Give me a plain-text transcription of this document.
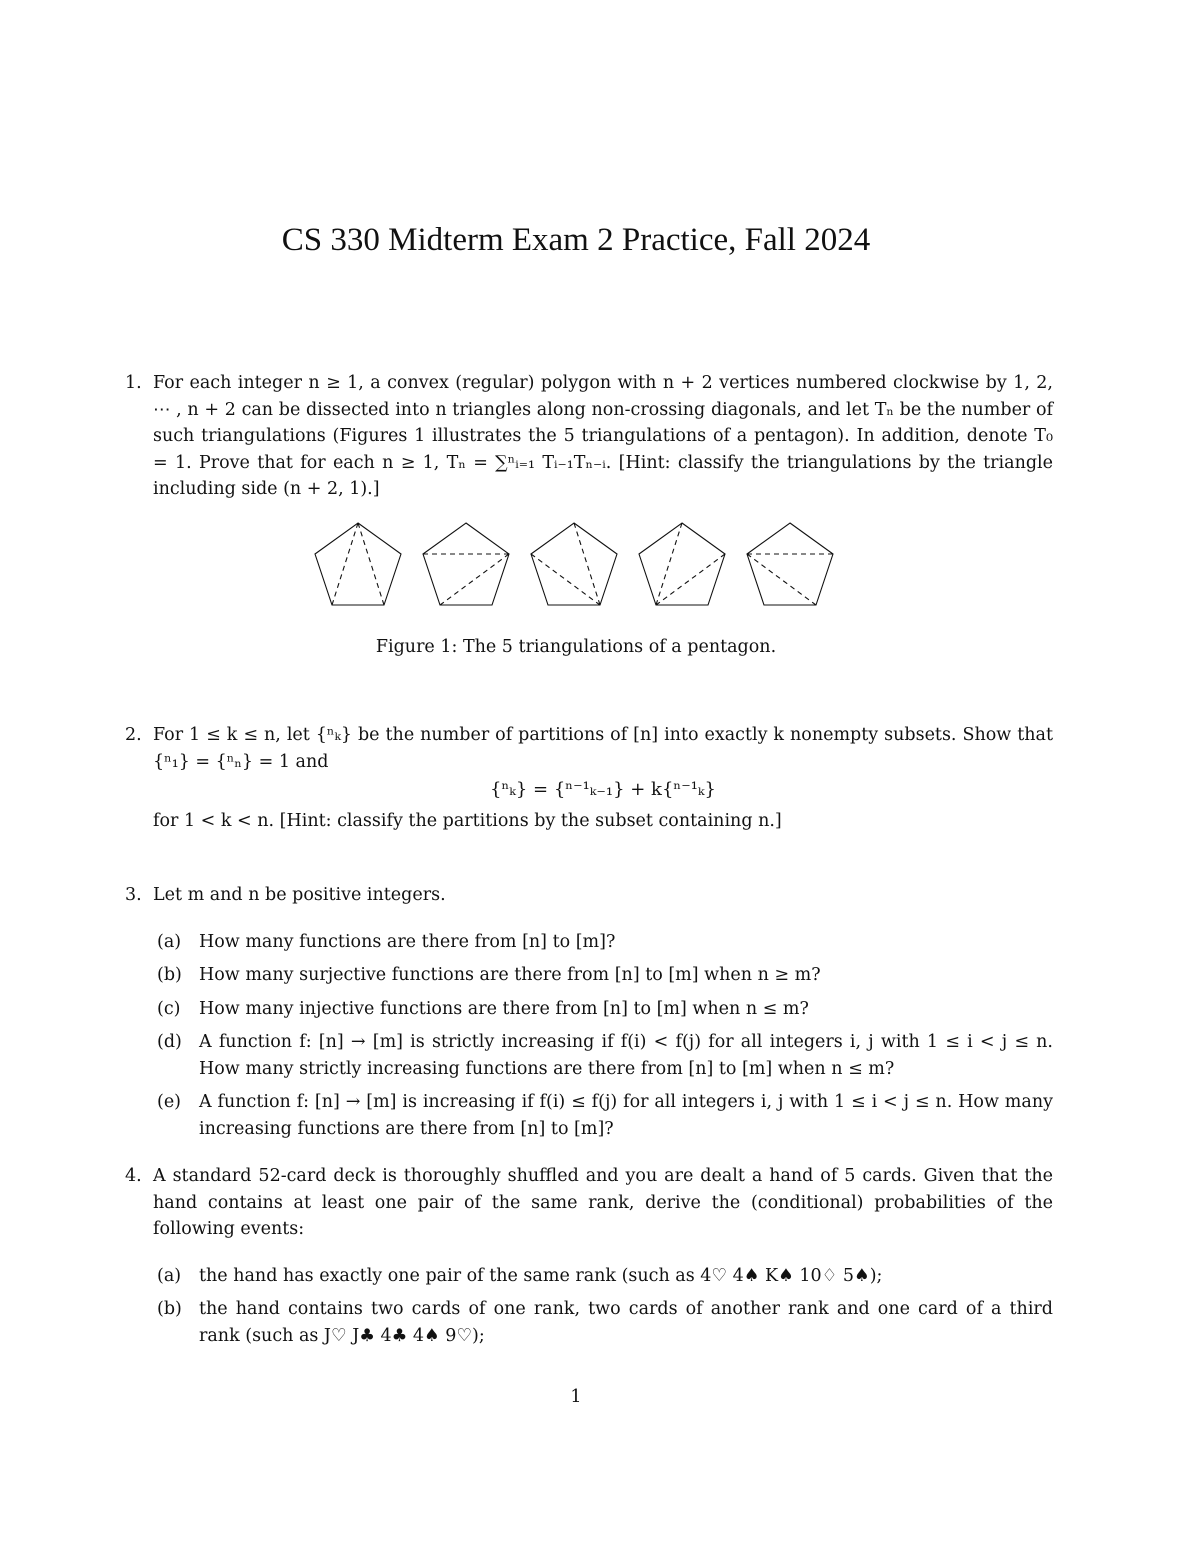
CS 330 Midterm Exam 2 Practice, Fall 2024
1. For each integer n ≥ 1, a convex (regular) polygon with n + 2 vertices numbered clockwise by 1, 2, ⋯ , n + 2 can be dissected into n triangles along non-crossing diagonals, and let Tₙ be the number of such triangulations (Figures 1 illustrates the 5 triangulations of a pentagon). In addition, denote T₀ = 1. Prove that for each n ≥ 1, Tₙ = ∑ⁿᵢ₌₁ Tᵢ₋₁Tₙ₋ᵢ. [Hint: classify the triangulations by the triangle including side (n + 2, 1).]
Figure 1: The 5 triangulations of a pentagon.
2. For 1 ≤ k ≤ n, let {ⁿₖ} be the number of partitions of [n] into exactly k nonempty subsets. Show that {ⁿ₁} = {ⁿₙ} = 1 and
{ⁿₖ} = {ⁿ⁻¹ₖ₋₁} + k{ⁿ⁻¹ₖ}
for 1 < k < n. [Hint: classify the partitions by the subset containing n.]
3. Let m and n be positive integers.
(a) How many functions are there from [n] to [m]?
(b) How many surjective functions are there from [n] to [m] when n ≥ m?
(c) How many injective functions are there from [n] to [m] when n ≤ m?
(d) A function f: [n] → [m] is strictly increasing if f(i) < f(j) for all integers i, j with 1 ≤ i < j ≤ n. How many strictly increasing functions are there from [n] to [m] when n ≤ m?
(e) A function f: [n] → [m] is increasing if f(i) ≤ f(j) for all integers i, j with 1 ≤ i < j ≤ n. How many increasing functions are there from [n] to [m]?
4. A standard 52-card deck is thoroughly shuffled and you are dealt a hand of 5 cards. Given that the hand contains at least one pair of the same rank, derive the (conditional) probabilities of the following events:
(a) the hand has exactly one pair of the same rank (such as 4♡ 4♠ K♠ 10♢ 5♠);
(b) the hand contains two cards of one rank, two cards of another rank and one card of a third rank (such as J♡ J♣ 4♣ 4♠ 9♡);
1
